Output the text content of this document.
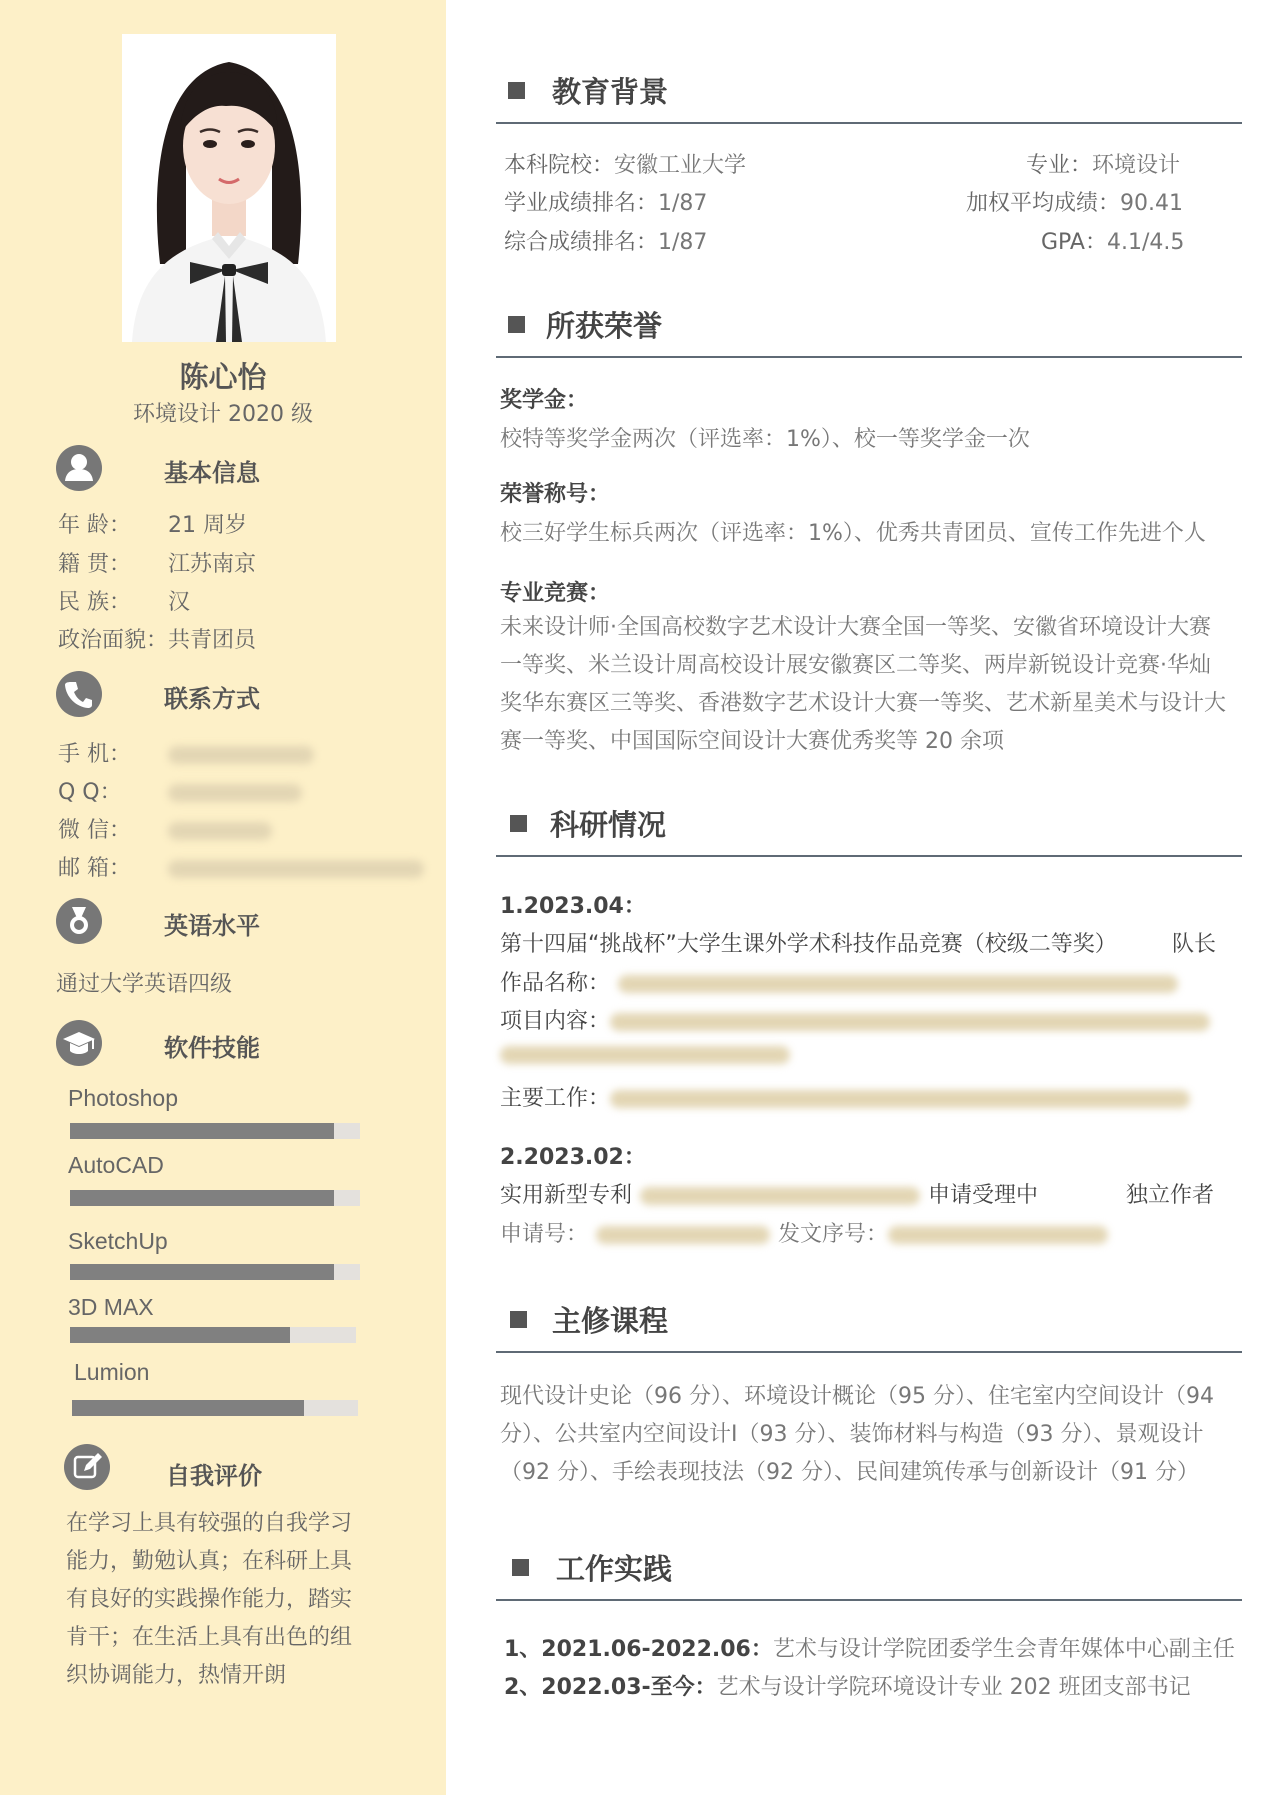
陈心怡
环境设计 2020 级
基本信息
年 龄： 21 周岁
籍 贯： 江苏南京
民 族： 汉
政治面貌：共青团员
联系方式
手 机：
Q Q：
微 信：
邮 箱：
英语水平
通过大学英语四级
软件技能
Photoshop
AutoCAD
SketchUp
3D MAX
Lumion
自我评价
在学习上具有较强的自我学习能力，勤勉认真；在科研上具有良好的实践操作能力，踏实肯干；在生活上具有出色的组织协调能力，热情开朗
教育背景
本科院校：安徽工业大学	专业：环境设计
学业成绩排名：1/87	加权平均成绩：90.41
综合成绩排名：1/87	GPA：4.1/4.5
所获荣誉
奖学金：
校特等奖学金两次（评选率：1%）、校一等奖学金一次
荣誉称号：
校三好学生标兵两次（评选率：1%）、优秀共青团员、宣传工作先进个人
专业竞赛：
未来设计师·全国高校数字艺术设计大赛全国一等奖、安徽省环境设计大赛一等奖、米兰设计周高校设计展安徽赛区二等奖、两岸新锐设计竞赛·华灿奖华东赛区三等奖、香港数字艺术设计大赛一等奖、艺术新星美术与设计大赛一等奖、中国国际空间设计大赛优秀奖等 20 余项
科研情况
1.2023.04：
第十四届“挑战杯”大学生课外学术科技作品竞赛（校级二等奖）	队长
作品名称：
项目内容：
主要工作：
2.2023.02：
实用新型专利	申请受理中	独立作者
申请号：	发文序号：
主修课程
现代设计史论（96 分）、环境设计概论（95 分）、住宅室内空间设计（94 分）、公共室内空间设计Ⅰ（93 分）、装饰材料与构造（93 分）、景观设计（92 分）、手绘表现技法（92 分）、民间建筑传承与创新设计（91 分）
工作实践
1、2021.06-2022.06：艺术与设计学院团委学生会青年媒体中心副主任
2、2022.03-至今：艺术与设计学院环境设计专业 202 班团支部书记
